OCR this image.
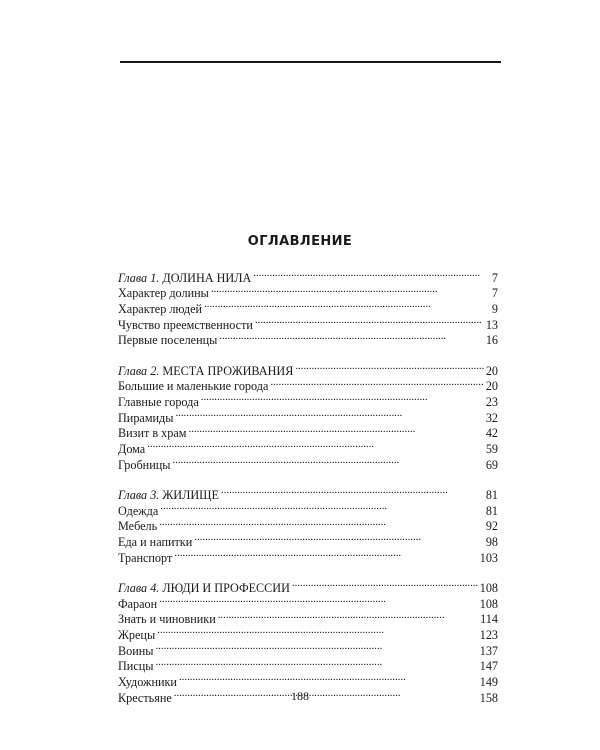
ОГЛАВЛЕНИЕ
Глава 1. ДОЛИНА НИЛА . . .	7
Характер долины . . .	7
Характер людей . . .	9
Чувство преемственности . . .	13
Первые поселенцы . . .	16
Глава 2. МЕСТА ПРОЖИВАНИЯ . . .	20
Большие и маленькие города . . .	20
Главные города . . .	23
Пирамиды . . .	32
Визит в храм . . .	42
Дома . . .	59
Гробницы . . .	69
Глава 3. ЖИЛИЩЕ . . .	81
Одежда . . .	81
Мебель . . .	92
Еда и напитки . . .	98
Транспорт . . .	103
Глава 4. ЛЮДИ И ПРОФЕССИИ . . .	108
Фараон . . .	108
Знать и чиновники . . .	114
Жрецы . . .	123
Воины . . .	137
Писцы . . .	147
Художники . . .	149
Крестьяне . . .	158
188
